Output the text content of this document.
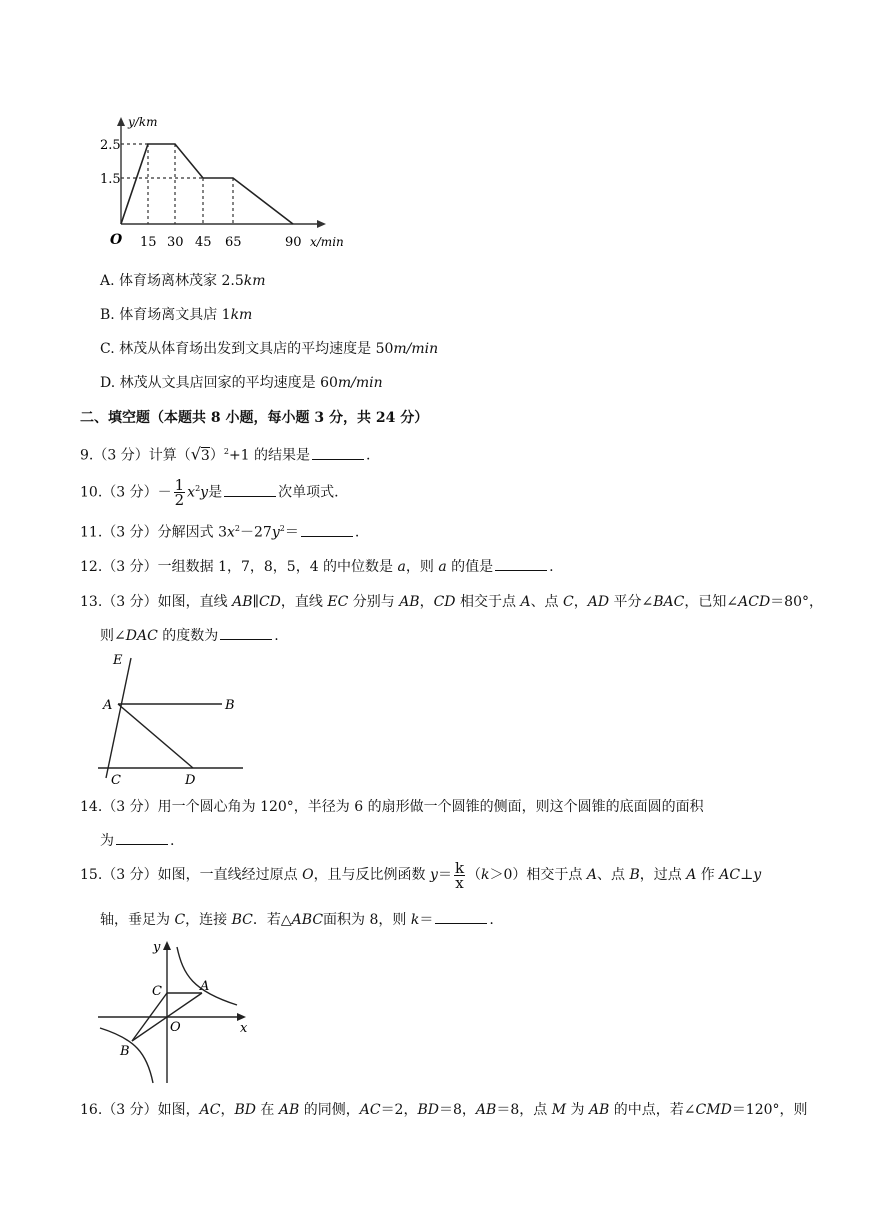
y/km
2.5
1.5
O 15 30 45 65	90 x/min
A. 体育场离林茂家 2.5km
B. 体育场离文具店 1km
C. 林茂从体育场出发到文具店的平均速度是 50m/min
D. 林茂从文具店回家的平均速度是 60m/min
二、填空题（本题共 8 小题，每小题 3 分，共 24 分）
9.（3 分）计算$(√3)^2+1$ 的结果是	.
10.（3 分）－ $\frac{1}{2} x^2y$是	次单项式.
11.（3 分）分解因式 $3x^2-27y^2=$	.
12.（3 分）一组数据 1，7，8，5，4 的中位数是 a，则 a 的值是	.
13.（3 分）如图，直线 AB∥CD，直线 EC 分别与 AB，CD 相交于点 A、点 C，AD 平分∠BAC，已知∠ACD＝80°，
则∠DAC 的度数为	.
E
A	B
C	D
14.（3 分）用一个圆心角为 120°，半径为 6 的扇形做一个圆锥的侧面，则这个圆锥的底面圆的面积
为	.
15.（3 分）如图，一直线经过原点 O，且与反比例函数 $y= \frac{k}{x} (k>0)$相交于点 A、点 B，过点 A 作 AC⊥y
轴，垂足为 C，连接 BC．若△ABC面积为 8，则 k＝	.
y
x
C	A
O
B
16.（3 分）如图，AC，BD 在 AB 的同侧，AC＝2，BD＝8，AB＝8，点 M 为 AB 的中点，若∠CMD＝120°，则
